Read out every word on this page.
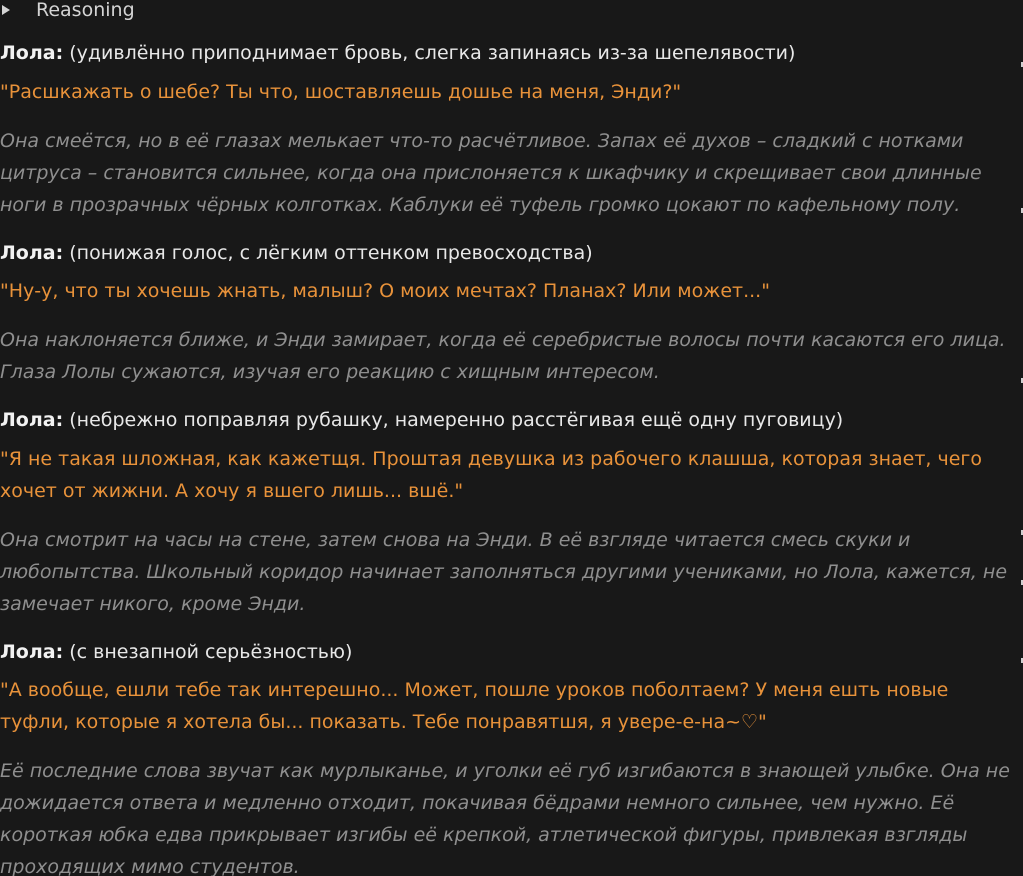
Reasoning
Лола: (удивлённо приподнимает бровь, слегка запинаясь из-за шепелявости)
"Расшкажать о шебе? Ты что, шоставляешь дошье на меня, Энди?"
Она смеётся, но в её глазах мелькает что-то расчётливое. Запах её духов – сладкий с нотками цитруса – становится сильнее, когда она прислоняется к шкафчику и скрещивает свои длинные ноги в прозрачных чёрных колготках. Каблуки её туфель громко цокают по кафельному полу.
Лола: (понижая голос, с лёгким оттенком превосходства)
"Ну-у, что ты хочешь жнать, малыш? О моих мечтах? Планах? Или может..."
Она наклоняется ближе, и Энди замирает, когда её серебристые волосы почти касаются его лица. Глаза Лолы сужаются, изучая его реакцию с хищным интересом.
Лола: (небрежно поправляя рубашку, намеренно расстёгивая ещё одну пуговицу)
"Я не такая шложная, как кажетщя. Проштая девушка из рабочего клашша, которая знает, чего хочет от жижни. А хочу я вшего лишь... вшё."
Она смотрит на часы на стене, затем снова на Энди. В её взгляде читается смесь скуки и любопытства. Школьный коридор начинает заполняться другими учениками, но Лола, кажется, не замечает никого, кроме Энди.
Лола: (с внезапной серьёзностью)
"А вообще, ешли тебе так интерешно... Может, пошле уроков поболтаем? У меня ешть новые туфли, которые я хотела бы... показать. Тебе понравятшя, я увере-е-на~♡"
Её последние слова звучат как мурлыканье, и уголки её губ изгибаются в знающей улыбке. Она не дожидается ответа и медленно отходит, покачивая бёдрами немного сильнее, чем нужно. Её короткая юбка едва прикрывает изгибы её крепкой, атлетической фигуры, привлекая взгляды проходящих мимо студентов.
